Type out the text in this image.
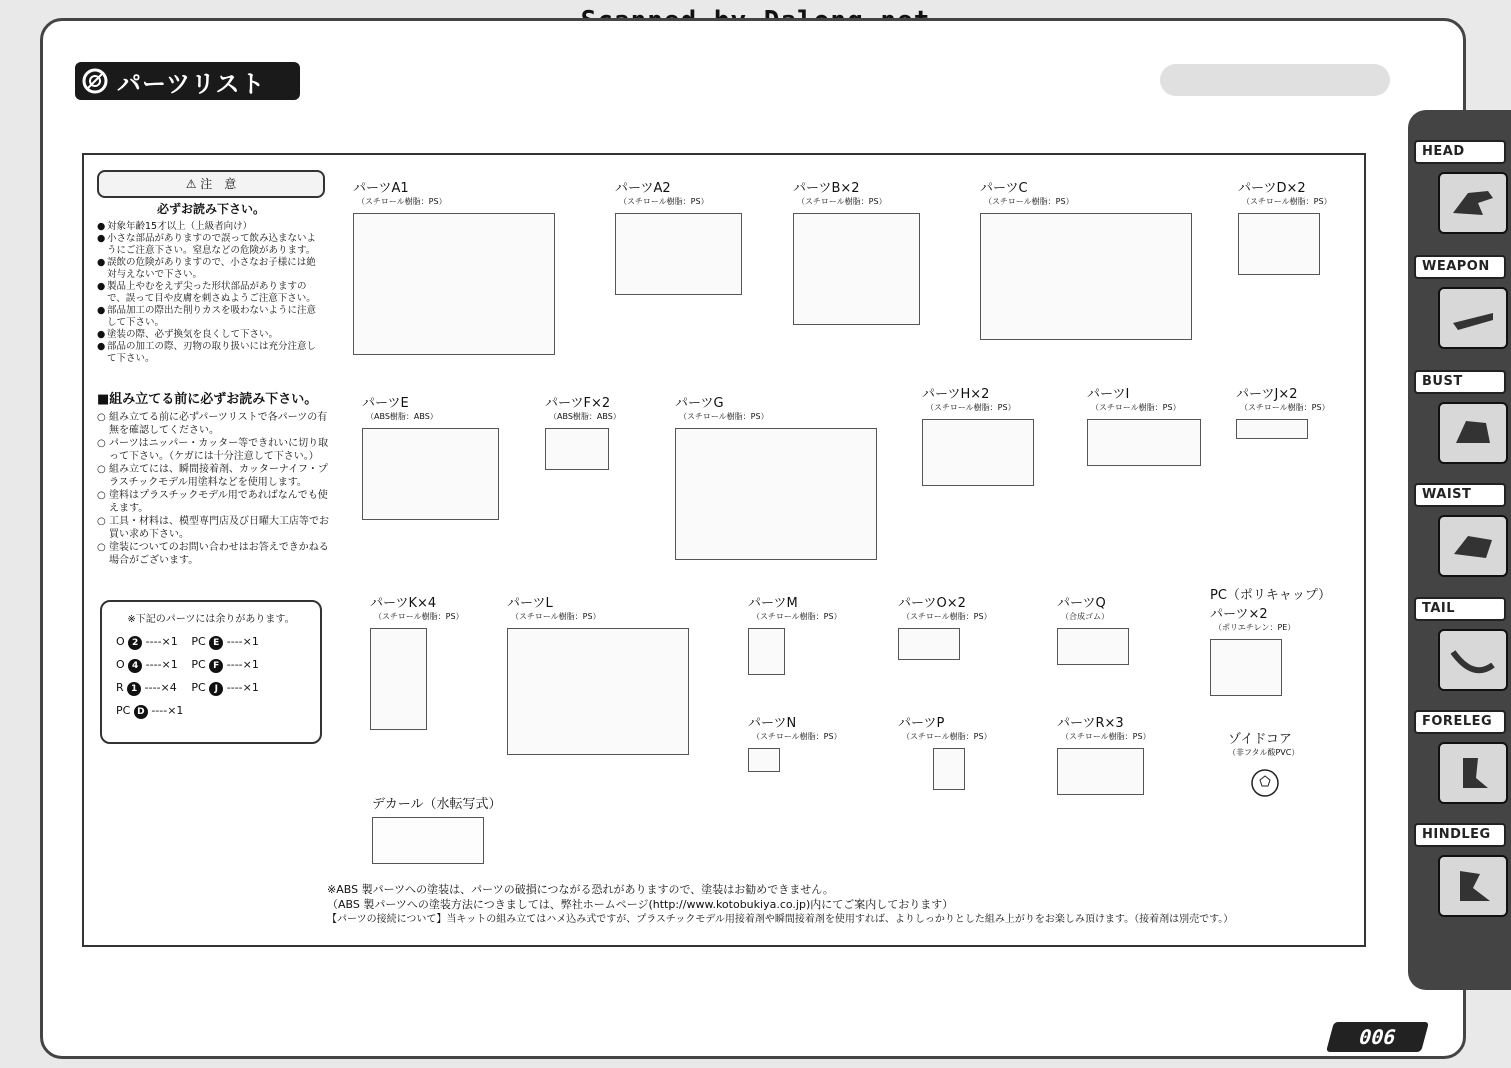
パーツリスト
⚠ 注　意
必ずお読み下さい。
● 対象年齢15才以上（上級者向け）
● 小さな部品がありますので誤って飲み込まないようにご注意下さい。窒息などの危険があります。
● 誤飲の危険がありますので、小さなお子様には絶対与えないで下さい。
● 製品上やむをえず尖った形状部品がありますので、誤って目や皮膚を刺さぬようご注意下さい。
● 部品加工の際出た削りカスを吸わないように注意して下さい。
● 塗装の際、必ず換気を良くして下さい。
● 部品の加工の際、刃物の取り扱いには充分注意して下さい。
■組み立てる前に必ずお読み下さい。
○ 組み立てる前に必ずパーツリストで各パーツの有無を確認してください。
○ パーツはニッパー・カッター等できれいに切り取って下さい。（ケガには十分注意して下さい。）
○ 組み立てには、瞬間接着剤、カッターナイフ・プラスチックモデル用塗料などを使用します。
○ 塗料はプラスチックモデル用であればなんでも使えます。
○ 工具・材料は、模型専門店及び日曜大工店等でお買い求め下さい。
○ 塗装についてのお問い合わせはお答えできかねる場合がございます。
※下記のパーツには余りがあります。
O 2 ----×1	PC E ----×1
O 4 ----×1	PC F ----×1
R 1 ----×4	PC J ----×1
PC D ----×1	
パーツA1
（スチロール樹脂：PS）
パーツA2
（スチロール樹脂：PS）
パーツB×2
（スチロール樹脂：PS）
パーツC
（スチロール樹脂：PS）
パーツD×2
（スチロール樹脂：PS）
パーツE
（ABS樹脂：ABS）
パーツF×2
（ABS樹脂：ABS）
パーツG
（スチロール樹脂：PS）
パーツH×2
（スチロール樹脂：PS）
パーツI
（スチロール樹脂：PS）
パーツJ×2
（スチロール樹脂：PS）
パーツK×4
（スチロール樹脂：PS）
パーツL
（スチロール樹脂：PS）
パーツM
（スチロール樹脂：PS）
パーツO×2
（スチロール樹脂：PS）
パーツQ
（合成ゴム）
PC（ポリキャップ）パーツ×2
（ポリエチレン：PE）
パーツN
（スチロール樹脂：PS）
パーツP
（スチロール樹脂：PS）
パーツR×3
（スチロール樹脂：PS）	ゾイドコア
（非フタル酸PVC）
デカール（水転写式）
※ABS 製パーツへの塗装は、パーツの破損につながる恐れがありますので、塗装はお勧めできません。
（ABS 製パーツへの塗装方法につきましては、弊社ホームページ(http://www.kotobukiya.co.jp)内にてご案内しております）
【パーツの接続について】当キットの組み立てはハメ込み式ですが、プラスチックモデル用接着剤や瞬間接着剤を使用すれば、よりしっかりとした組み上がりをお楽しみ頂けます。（接着剤は別売です。）
HEAD
WEAPON
BUST
WAIST
TAIL
FORELEG
HINDLEG
006
